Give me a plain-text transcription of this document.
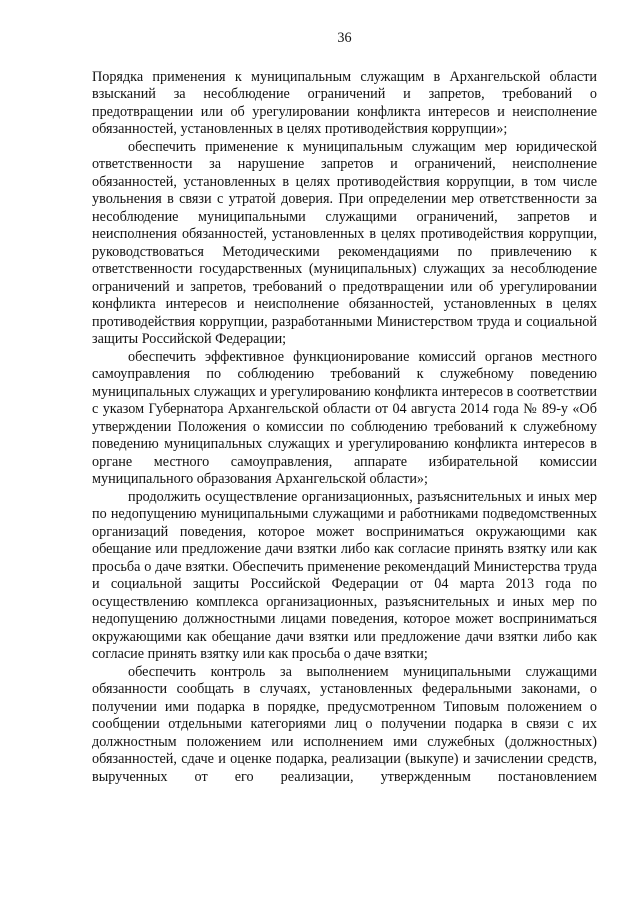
36

Порядка применения к муниципальным служащим в Архангельской области взысканий за несоблюдение ограничений и запретов, требований о предотвращении или об урегулировании конфликта интересов и неисполнение обязанностей, установленных в целях противодействия коррупции»;

обеспечить применение к муниципальным служащим мер юридической ответственности за нарушение запретов и ограничений, неисполнение обязанностей, установленных в целях противодействия коррупции, в том числе увольнения в связи с утратой доверия. При определении мер ответственности за несоблюдение муниципальными служащими ограничений, запретов и неисполнения обязанностей, установленных в целях противодействия коррупции, руководствоваться Методическими рекомендациями по привлечению к ответственности государственных (муниципальных) служащих за несоблюдение ограничений и запретов, требований о предотвращении или об урегулировании конфликта интересов и неисполнение обязанностей, установленных в целях противодействия коррупции, разработанными Министерством труда и социальной защиты Российской Федерации;

обеспечить эффективное функционирование комиссий органов местного самоуправления по соблюдению требований к служебному поведению муниципальных служащих и урегулированию конфликта интересов в соответствии с указом Губернатора Архангельской области от 04 августа 2014 года № 89-у «Об утверждении Положения о комиссии по соблюдению требований к служебному поведению муниципальных служащих и урегулированию конфликта интересов в органе местного самоуправления, аппарате избирательной комиссии муниципального образования Архангельской области»;

продолжить осуществление организационных, разъяснительных и иных мер по недопущению муниципальными служащими и работниками подведомственных организаций поведения, которое может восприниматься окружающими как обещание или предложение дачи взятки либо как согласие принять взятку или как просьба о даче взятки. Обеспечить применение рекомендаций Министерства труда и социальной защиты Российской Федерации от 04 марта 2013 года по осуществлению комплекса организационных, разъяснительных и иных мер по недопущению должностными лицами поведения, которое может восприниматься окружающими как обещание дачи взятки или предложение дачи взятки либо как согласие принять взятку или как просьба о даче взятки;

обеспечить контроль за выполнением муниципальными служащими обязанности сообщать в случаях, установленных федеральными законами, о получении ими подарка в порядке, предусмотренном Типовым положением о сообщении отдельными категориями лиц о получении подарка в связи с их должностным положением или исполнением ими служебных (должностных) обязанностей, сдаче и оценке подарка, реализации (выкупе) и зачислении средств, вырученных от его реализации, утвержденным постановлением
